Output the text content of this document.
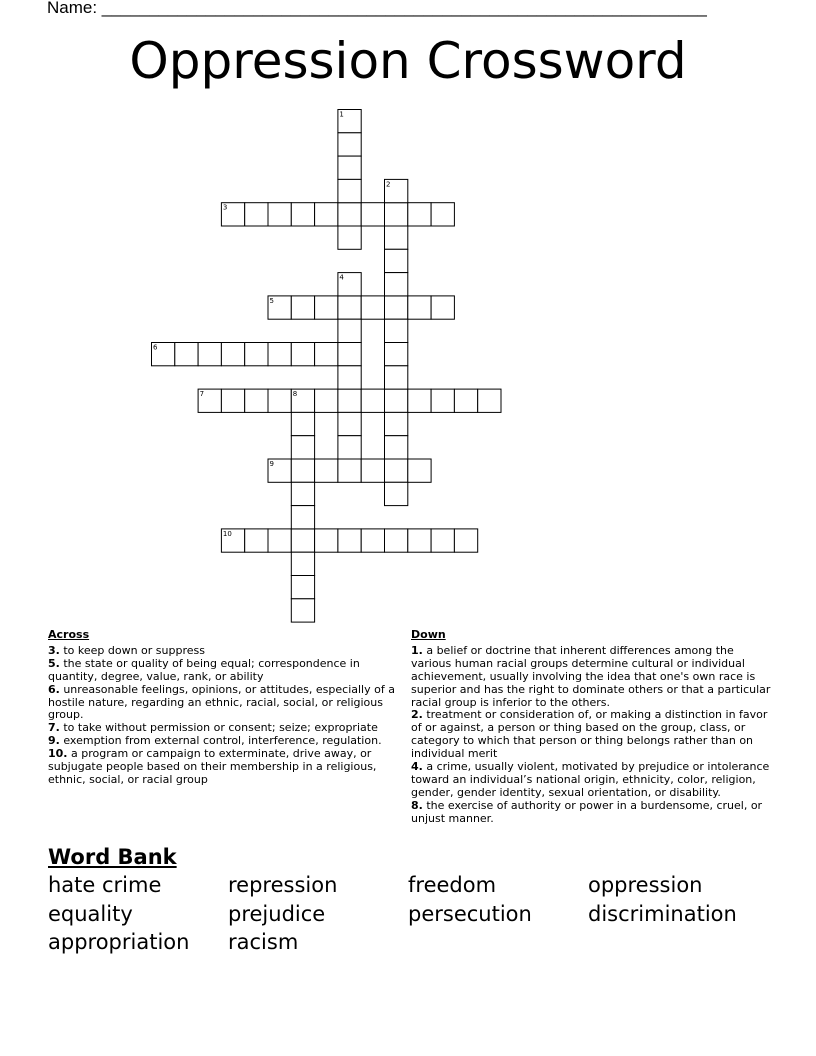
Name: ________________________________________________________________
Oppression Crossword
1
2
3
4
5
6
7	8
9
10
Across

3. to keep down or suppress

5. the state or quality of being equal; correspondence in quantity, degree, value, rank, or ability

6. unreasonable feelings, opinions, or attitudes, especially of a hostile nature, regarding an ethnic, racial, social, or religious group.

7. to take without permission or consent; seize; expropriate

9. exemption from external control, interference, regulation.

10. a program or campaign to exterminate, drive away, or subjugate people based on their membership in a religious, ethnic, social, or racial group

Down

1. a belief or doctrine that inherent differences among the various human racial groups determine cultural or individual achievement, usually involving the idea that one's own race is superior and has the right to dominate others or that a particular racial group is inferior to the others.

2. treatment or consideration of, or making a distinction in favor of or against, a person or thing based on the group, class, or category to which that person or thing belongs rather than on individual merit

4. a crime, usually violent, motivated by prejudice or intolerance toward an individual’s national origin, ethnicity, color, religion, gender, gender identity, sexual orientation, or disability.

8. the exercise of authority or power in a burdensome, cruel, or unjust manner.

Word Bank
hate crime	repression	freedom	oppression
equality	prejudice	persecution	discrimination
appropriation racism
